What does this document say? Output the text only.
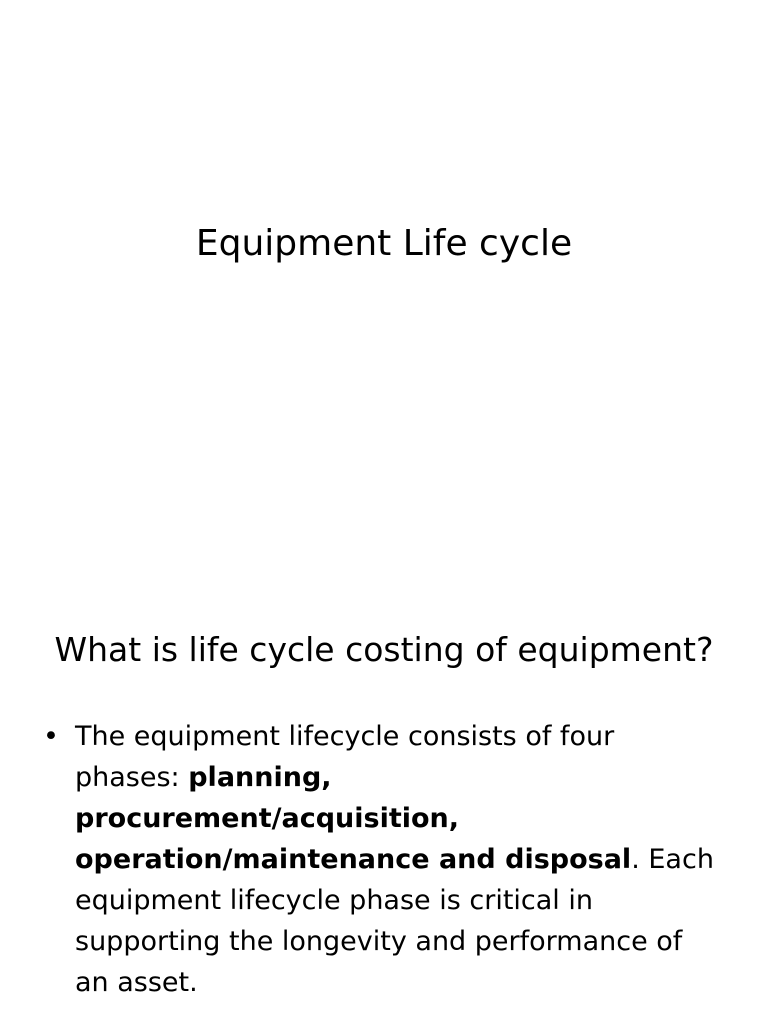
Equipment Life cycle
What is life cycle costing of equipment?
• The equipment lifecycle consists of four phases: planning, procurement/acquisition, operation/maintenance and disposal. Each equipment lifecycle phase is critical in supporting the longevity and performance of an asset.
